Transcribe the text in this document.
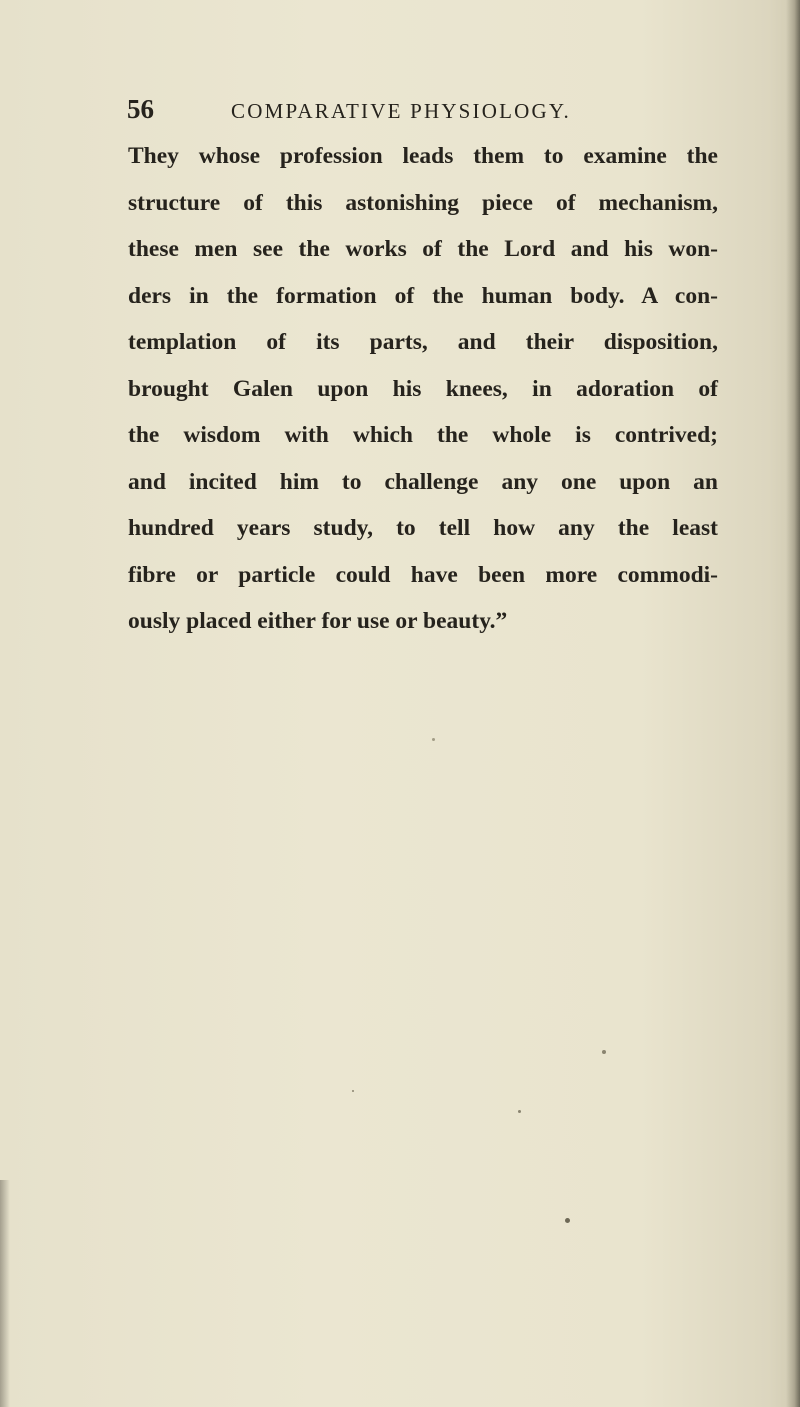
56	COMPARATIVE PHYSIOLOGY.
They whose profession leads them to examine the
structure of this astonishing piece of mechanism,
these men see the works of the Lord and his won-
ders in the formation of the human body. A con-
templation of its parts, and their disposition,
brought Galen upon his knees, in adoration of
the wisdom with which the whole is contrived;
and incited him to challenge any one upon an
hundred years study, to tell how any the least
fibre or particle could have been more commodi-
ously placed either for use or beauty.”
